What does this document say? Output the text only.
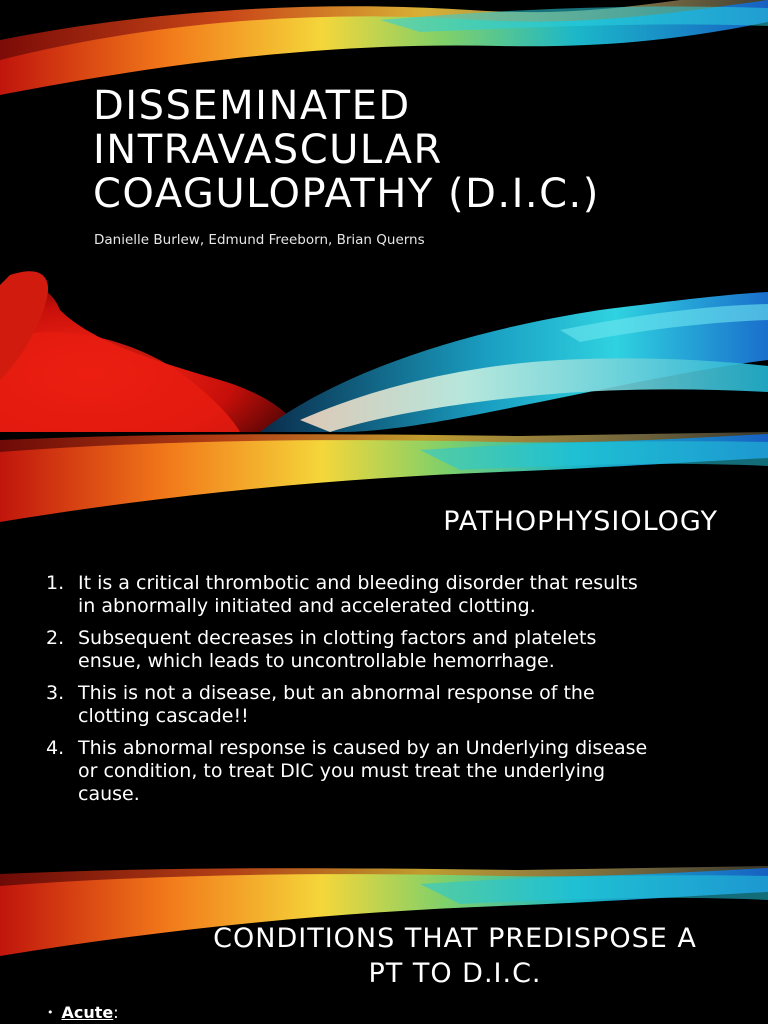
DISSEMINATED
INTRAVASCULAR
COAGULOPATHY (D.I.C.)

Danielle Burlew, Edmund Freeborn, Brian Querns

PATHOPHYSIOLOGY
1. It is a critical thrombotic and bleeding disorder that results
in abnormally initiated and accelerated clotting.
2. Subsequent decreases in clotting factors and platelets
ensue, which leads to uncontrollable hemorrhage.
3. This is not a disease, but an abnormal response of the
clotting cascade!!
4. This abnormal response is caused by an Underlying disease
or condition, to treat DIC you must treat the underlying
cause.
CONDITIONS THAT PREDISPOSE A
PT TO D.I.C.
• Acute:
